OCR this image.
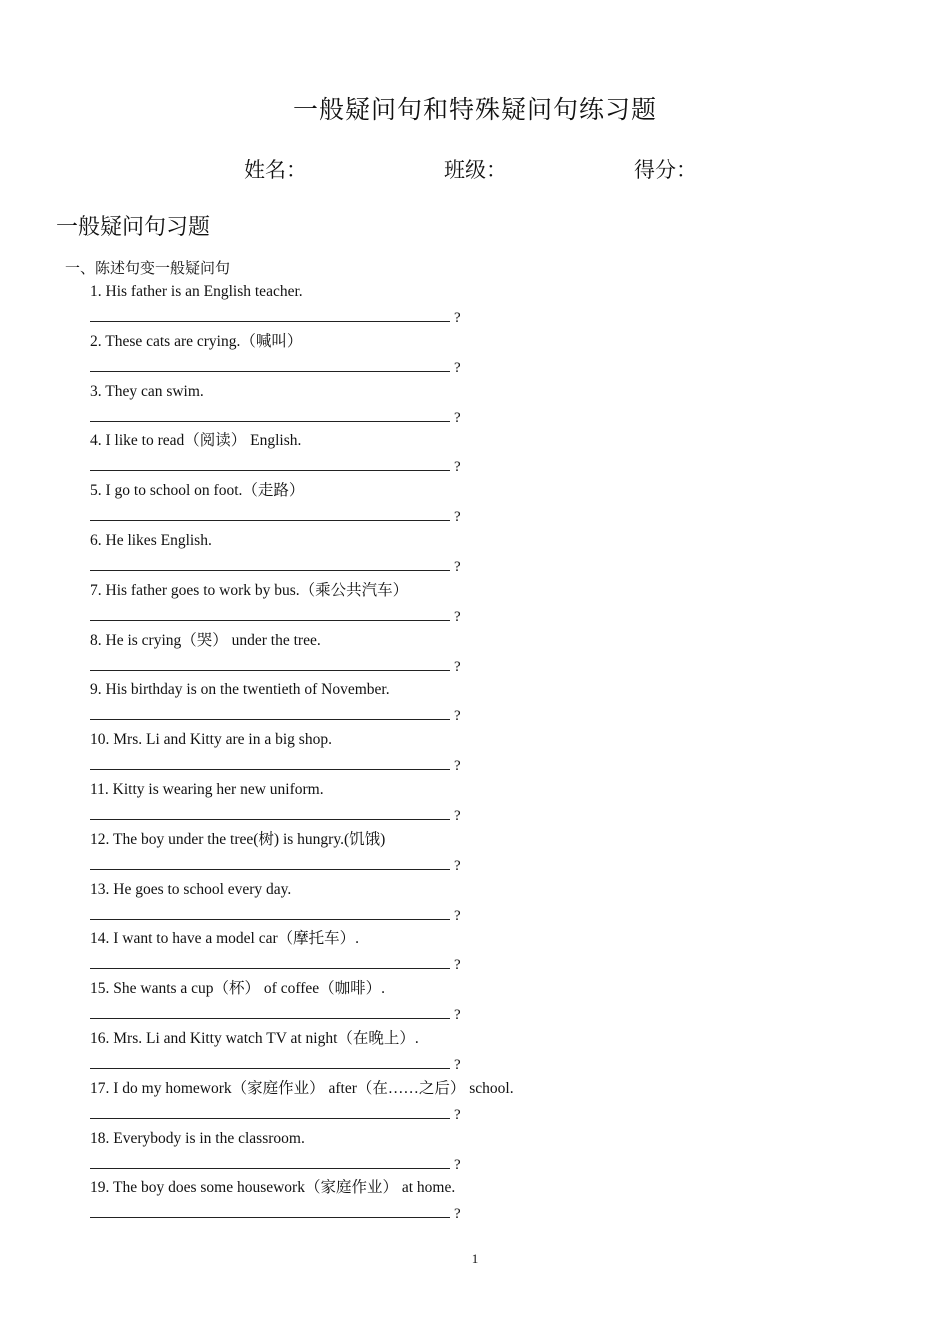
一般疑问句和特殊疑问句练习题
姓名：	班级：	得分：
一般疑问句习题
一、陈述句变一般疑问句
1. His father is an English teacher.
?
2. These cats are crying.（喊叫）
?
3. They can swim.
?
4. I like to read（阅读） English.
?
5. I go to school on foot.（走路）
?
6. He likes English.
?
7. His father goes to work by bus.（乘公共汽车）
?
8. He is crying（哭） under the tree.
?
9. His birthday is on the twentieth of November.
?
10. Mrs. Li and Kitty are in a big shop.
?
11. Kitty is wearing her new uniform.
?
12. The boy under the tree(树) is hungry.(饥饿)
?
13. He goes to school every day.
?
14. I want to have a model car（摩托车）.
?
15. She wants a cup（杯） of coffee（咖啡）.
?
16. Mrs. Li and Kitty watch TV at night（在晚上）.
?
17. I do my homework（家庭作业） after（在……之后） school.
?
18. Everybody is in the classroom.
?
19. The boy does some housework（家庭作业） at home.
?
1
